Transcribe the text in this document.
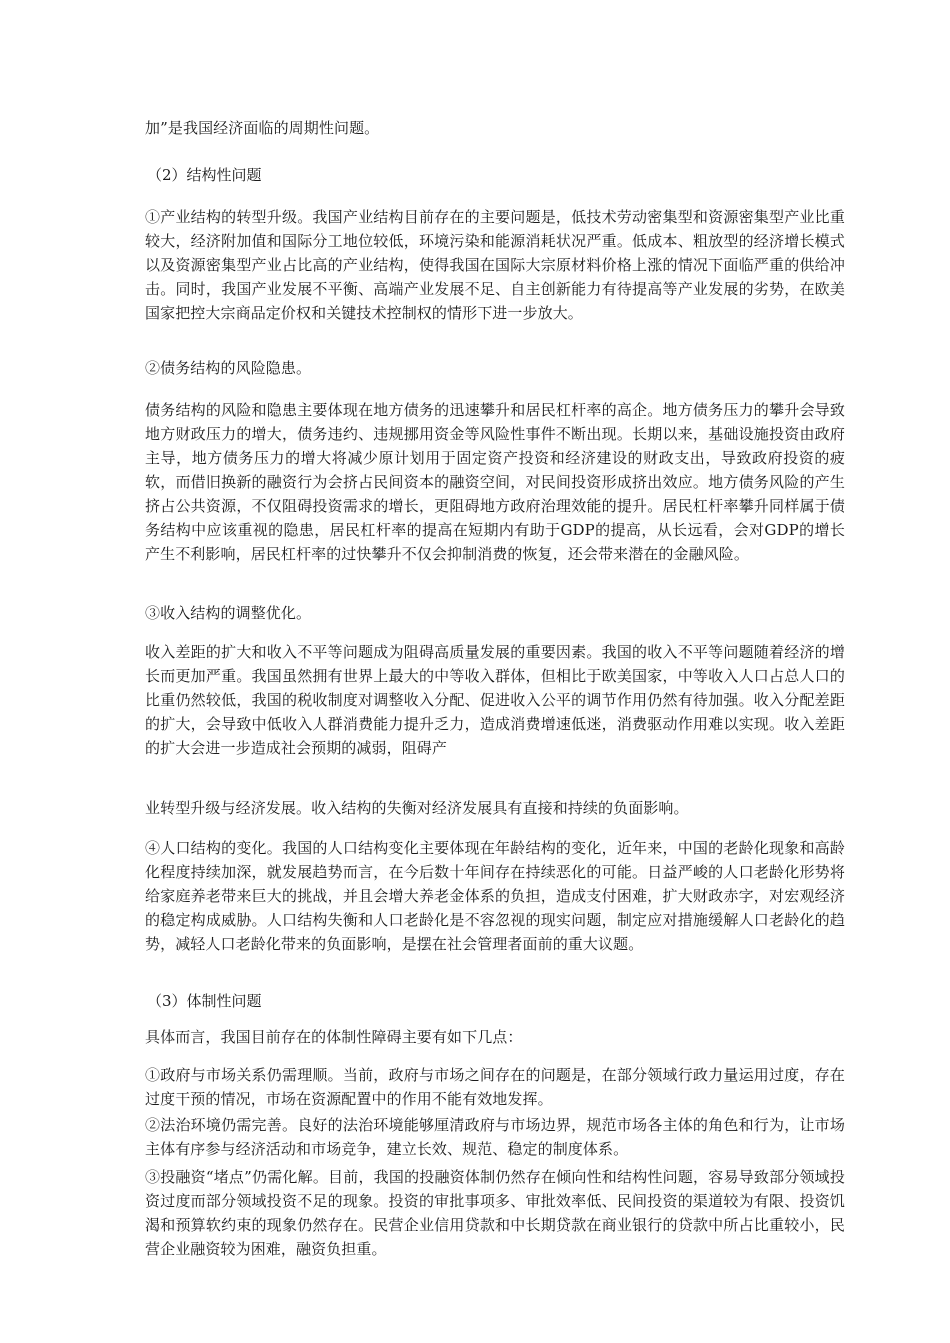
加”是我国经济面临的周期性问题。

（2）结构性问题

①产业结构的转型升级。我国产业结构目前存在的主要问题是，低技术劳动密集型和资源密集型产业比重较大，经济附加值和国际分工地位较低，环境污染和能源消耗状况严重。低成本、粗放型的经济增长模式以及资源密集型产业占比高的产业结构，使得我国在国际大宗原材料价格上涨的情况下面临严重的供给冲击。同时，我国产业发展不平衡、高端产业发展不足、自主创新能力有待提高等产业发展的劣势，在欧美国家把控大宗商品定价权和关键技术控制权的情形下进一步放大。

②债务结构的风险隐患。

债务结构的风险和隐患主要体现在地方债务的迅速攀升和居民杠杆率的高企。地方债务压力的攀升会导致地方财政压力的增大，债务违约、违规挪用资金等风险性事件不断出现。长期以来，基础设施投资由政府主导，地方债务压力的增大将减少原计划用于固定资产投资和经济建设的财政支出，导致政府投资的疲软，而借旧换新的融资行为会挤占民间资本的融资空间，对民间投资形成挤出效应。地方债务风险的产生挤占公共资源，不仅阻碍投资需求的增长，更阻碍地方政府治理效能的提升。居民杠杆率攀升同样属于债务结构中应该重视的隐患，居民杠杆率的提高在短期内有助于GDP的提高，从长远看，会对GDP的增长产生不利影响，居民杠杆率的过快攀升不仅会抑制消费的恢复，还会带来潜在的金融风险。

③收入结构的调整优化。

收入差距的扩大和收入不平等问题成为阻碍高质量发展的重要因素。我国的收入不平等问题随着经济的增长而更加严重。我国虽然拥有世界上最大的中等收入群体，但相比于欧美国家，中等收入人口占总人口的比重仍然较低，我国的税收制度对调整收入分配、促进收入公平的调节作用仍然有待加强。收入分配差距的扩大，会导致中低收入人群消费能力提升乏力，造成消费增速低迷，消费驱动作用难以实现。收入差距的扩大会进一步造成社会预期的减弱，阻碍产

业转型升级与经济发展。收入结构的失衡对经济发展具有直接和持续的负面影响。

④人口结构的变化。我国的人口结构变化主要体现在年龄结构的变化，近年来，中国的老龄化现象和高龄化程度持续加深，就发展趋势而言，在今后数十年间存在持续恶化的可能。日益严峻的人口老龄化形势将给家庭养老带来巨大的挑战，并且会增大养老金体系的负担，造成支付困难，扩大财政赤字，对宏观经济的稳定构成威胁。人口结构失衡和人口老龄化是不容忽视的现实问题，制定应对措施缓解人口老龄化的趋势，减轻人口老龄化带来的负面影响，是摆在社会管理者面前的重大议题。

（3）体制性问题

具体而言，我国目前存在的体制性障碍主要有如下几点：

①政府与市场关系仍需理顺。当前，政府与市场之间存在的问题是，在部分领域行政力量运用过度，存在过度干预的情况，市场在资源配置中的作用不能有效地发挥。

②法治环境仍需完善。良好的法治环境能够厘清政府与市场边界，规范市场各主体的角色和行为，让市场主体有序参与经济活动和市场竞争，建立长效、规范、稳定的制度体系。

③投融资“堵点”仍需化解。目前，我国的投融资体制仍然存在倾向性和结构性问题，容易导致部分领域投资过度而部分领域投资不足的现象。投资的审批事项多、审批效率低、民间投资的渠道较为有限、投资饥渴和预算软约束的现象仍然存在。民营企业信用贷款和中长期贷款在商业银行的贷款中所占比重较小，民营企业融资较为困难，融资负担重。
